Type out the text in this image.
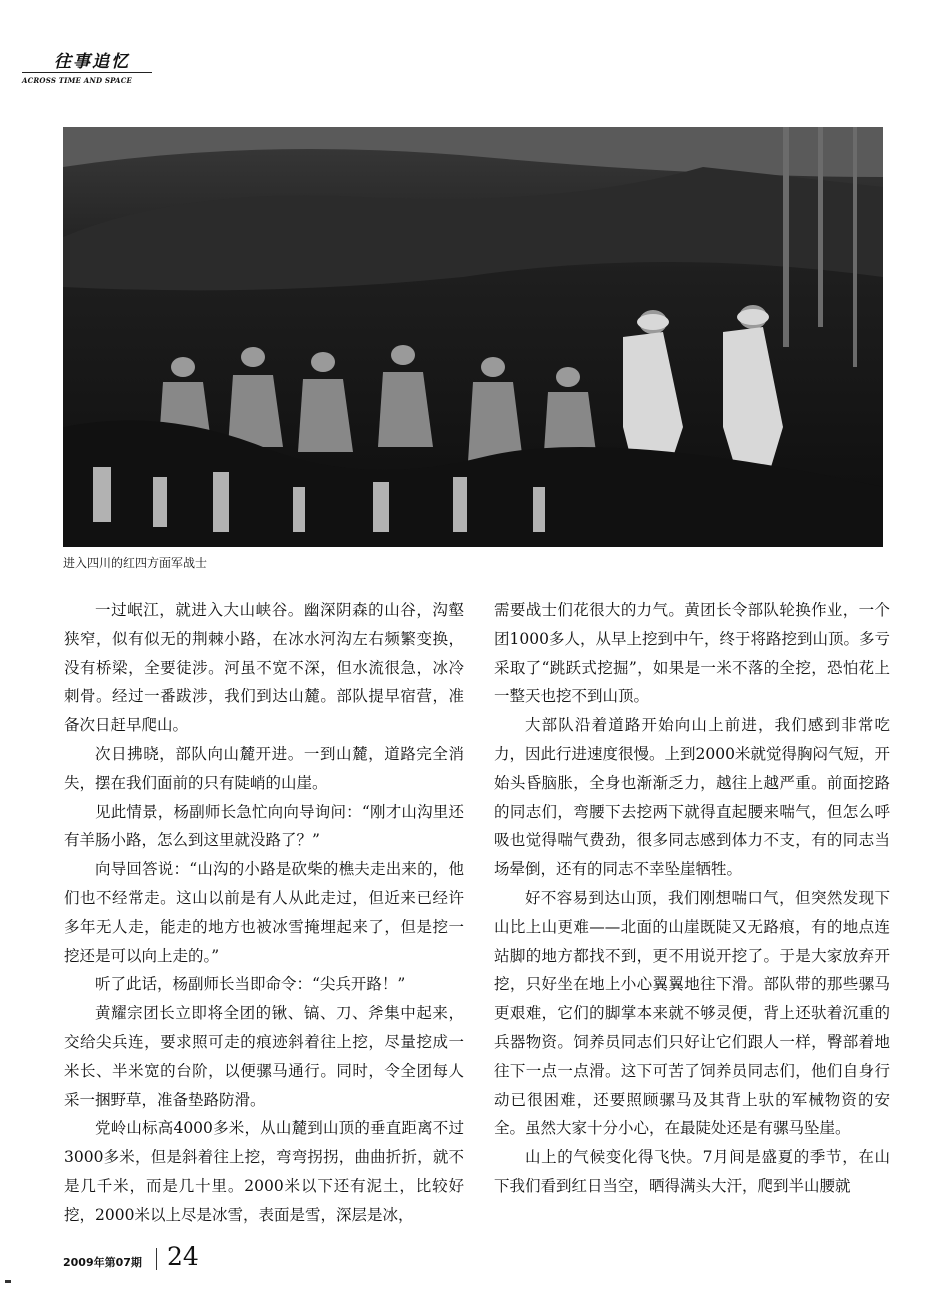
往事追忆
ACROSS TIME AND SPACE
进入四川的红四方面军战士

一过岷江，就进入大山峡谷。幽深阴森的山谷，沟壑狭窄，似有似无的荆棘小路，在冰水河沟左右频繁变换，没有桥梁，全要徒涉。河虽不宽不深，但水流很急，冰冷刺骨。经过一番跋涉，我们到达山麓。部队提早宿营，准备次日赶早爬山。

次日拂晓，部队向山麓开进。一到山麓，道路完全消失，摆在我们面前的只有陡峭的山崖。

见此情景，杨副师长急忙向向导询问：“刚才山沟里还有羊肠小路，怎么到这里就没路了？”

向导回答说：“山沟的小路是砍柴的樵夫走出来的，他们也不经常走。这山以前是有人从此走过，但近来已经许多年无人走，能走的地方也被冰雪掩埋起来了，但是挖一挖还是可以向上走的。”

听了此话，杨副师长当即命令：“尖兵开路！”

黄耀宗团长立即将全团的锹、镐、刀、斧集中起来，交给尖兵连，要求照可走的痕迹斜着往上挖，尽量挖成一米长、半米宽的台阶，以便骡马通行。同时，令全团每人采一捆野草，准备垫路防滑。

党岭山标高4000多米，从山麓到山顶的垂直距离不过3000多米，但是斜着往上挖，弯弯拐拐，曲曲折折，就不是几千米，而是几十里。2000米以下还有泥土，比较好挖，2000米以上尽是冰雪，表面是雪，深层是冰，

需要战士们花很大的力气。黄团长令部队轮换作业，一个团1000多人，从早上挖到中午，终于将路挖到山顶。多亏采取了“跳跃式挖掘”，如果是一米不落的全挖，恐怕花上一整天也挖不到山顶。

大部队沿着道路开始向山上前进，我们感到非常吃力，因此行进速度很慢。上到2000米就觉得胸闷气短，开始头昏脑胀，全身也渐渐乏力，越往上越严重。前面挖路的同志们，弯腰下去挖两下就得直起腰来喘气，但怎么呼吸也觉得喘气费劲，很多同志感到体力不支，有的同志当场晕倒，还有的同志不幸坠崖牺牲。

好不容易到达山顶，我们刚想喘口气，但突然发现下山比上山更难——北面的山崖既陡又无路痕，有的地点连站脚的地方都找不到，更不用说开挖了。于是大家放弃开挖，只好坐在地上小心翼翼地往下滑。部队带的那些骡马更艰难，它们的脚掌本来就不够灵便，背上还驮着沉重的兵器物资。饲养员同志们只好让它们跟人一样，臀部着地往下一点一点滑。这下可苦了饲养员同志们，他们自身行动已很困难，还要照顾骡马及其背上驮的军械物资的安全。虽然大家十分小心，在最陡处还是有骡马坠崖。

山上的气候变化得飞快。7月间是盛夏的季节，在山下我们看到红日当空，晒得满头大汗，爬到半山腰就

2009年第07期 24
